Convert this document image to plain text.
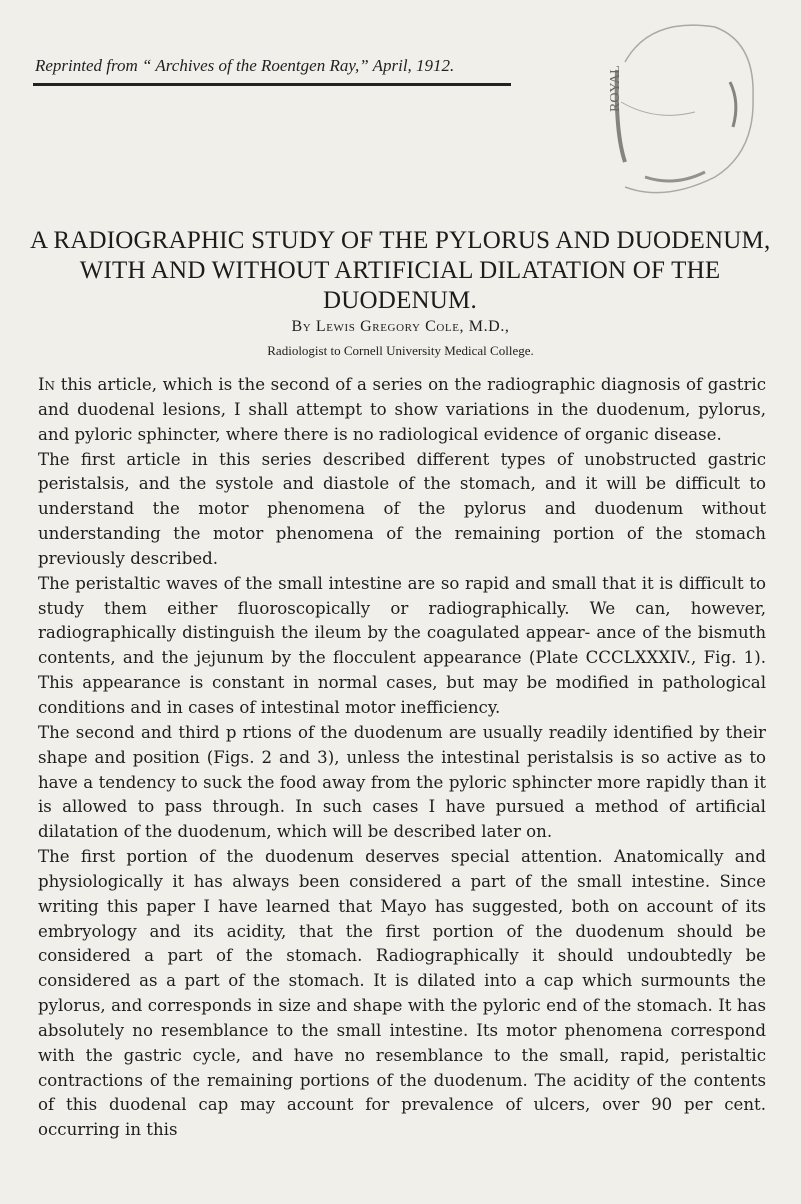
Reprinted from “ Archives of the Roentgen Ray,” April, 1912.	ROYAL
A RADIOGRAPHIC STUDY OF THE PYLORUS AND DUODENUM,
WITH AND WITHOUT ARTIFICIAL DILATATION OF THE
DUODENUM.
By Lewis Gregory Cole, M.D.,
Radiologist to Cornell University Medical College.

In this article, which is the second of a series on the radiographic diagnosis of gastric and duodenal lesions, I shall attempt to show variations in the duodenum, pylorus, and pyloric sphincter, where there is no radiological evidence of organic disease.

The first article in this series described different types of unobstructed gastric peristalsis, and the systole and diastole of the stomach, and it will be difficult to understand the motor phenomena of the pylorus and duodenum without understanding the motor phenomena of the remaining portion of the stomach previously described.

The peristaltic waves of the small intestine are so rapid and small that it is difficult to study them either fluoroscopically or radiographically. We can, however, radiographically distinguish the ileum by the coagulated appear- ance of the bismuth contents, and the jejunum by the flocculent appearance (Plate CCCLXXXIV., Fig. 1). This appearance is constant in normal cases, but may be modified in pathological conditions and in cases of intestinal motor inefficiency.

The second and third p rtions of the duodenum are usually readily identified by their shape and position (Figs. 2 and 3), unless the intestinal peristalsis is so active as to have a tendency to suck the food away from the pyloric sphincter more rapidly than it is allowed to pass through. In such cases I have pursued a method of artificial dilatation of the duodenum, which will be described later on.

The first portion of the duodenum deserves special attention. Anatomically and physiologically it has always been considered a part of the small intestine. Since writing this paper I have learned that Mayo has suggested, both on account of its embryology and its acidity, that the first portion of the duodenum should be considered a part of the stomach. Radiographically it should undoubtedly be considered as a part of the stomach. It is dilated into a cap which surmounts the pylorus, and corresponds in size and shape with the pyloric end of the stomach. It has absolutely no resemblance to the small intestine. Its motor phenomena correspond with the gastric cycle, and have no resemblance to the small, rapid, peristaltic contractions of the remaining portions of the duodenum. The acidity of the contents of this duodenal cap may account for prevalence of ulcers, over 90 per cent. occurring in this
